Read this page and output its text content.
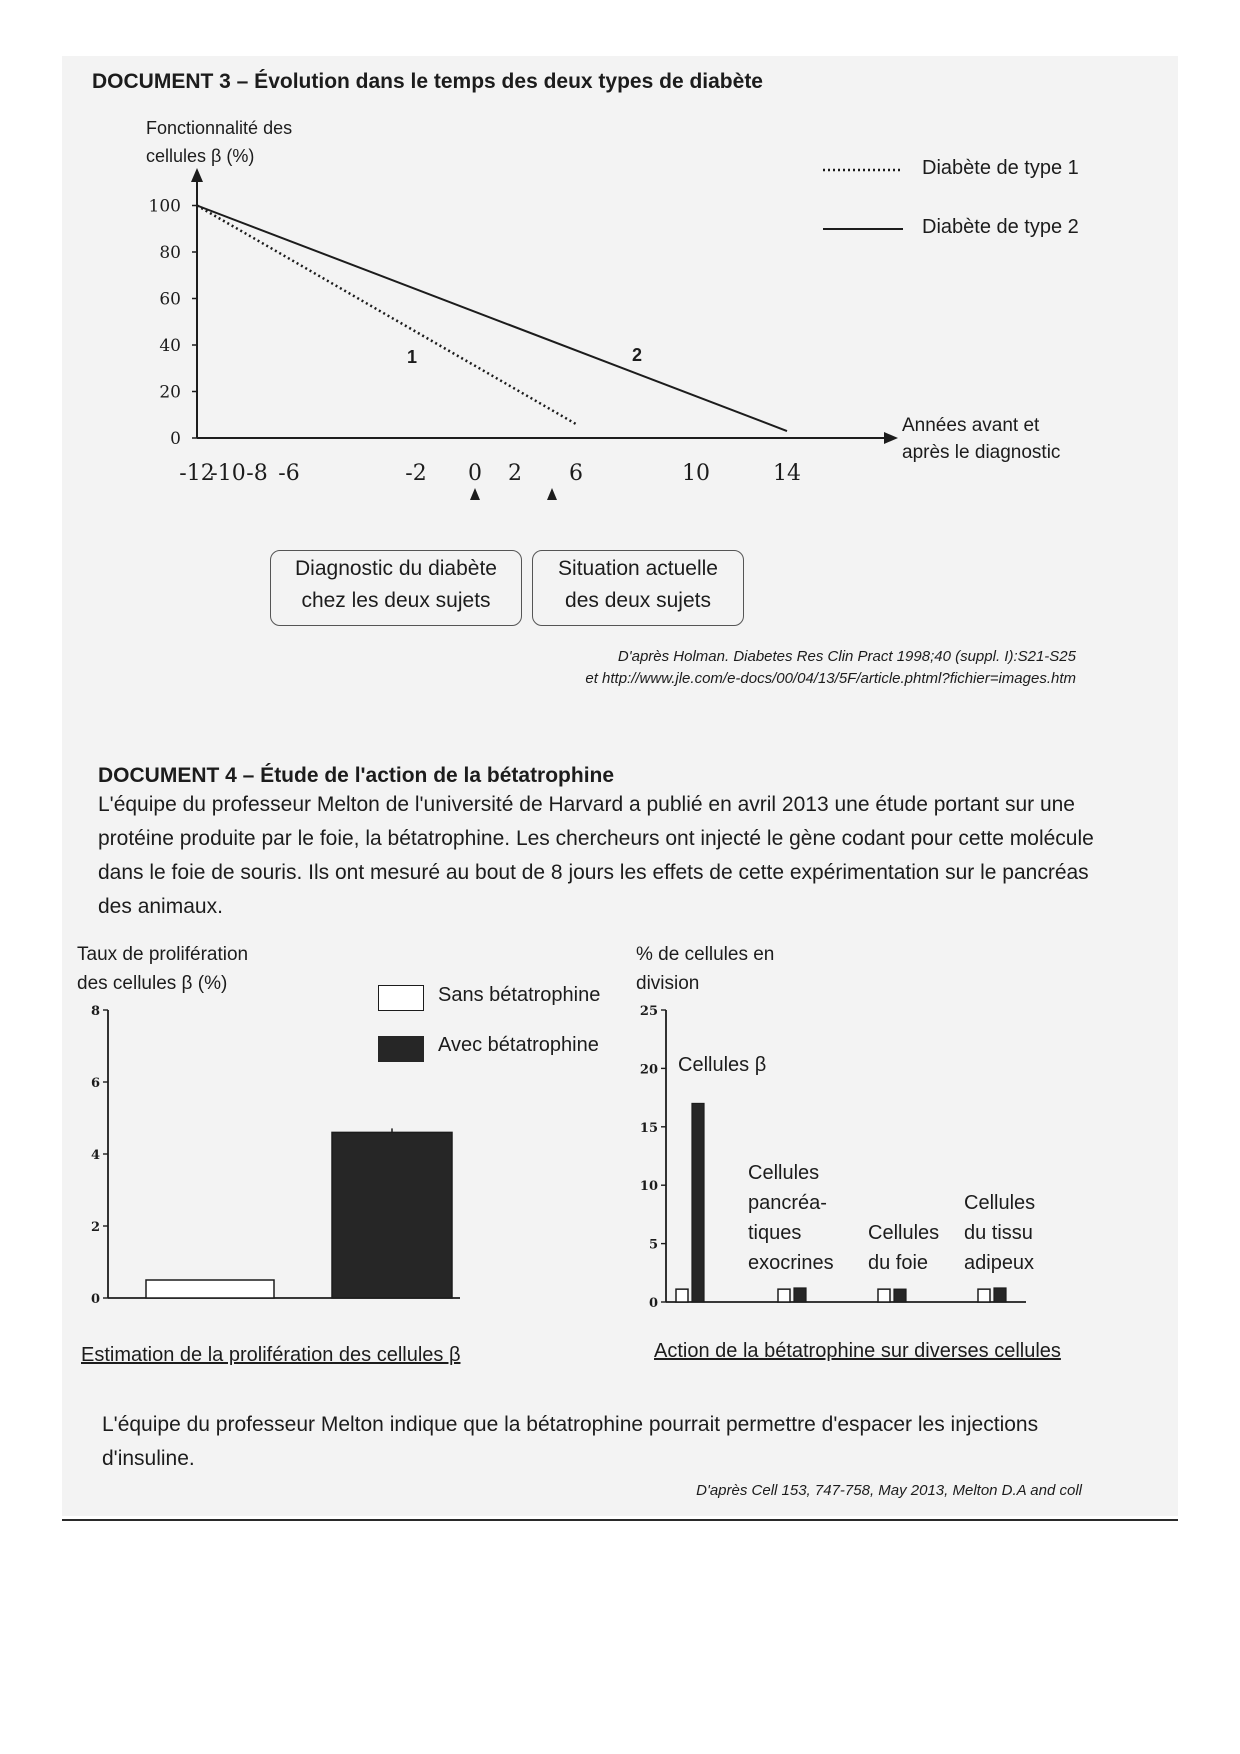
DOCUMENT 3 – Évolution dans le temps des deux types de diabète
Fonctionnalité des
cellules β (%)
0
20
40
60
80
100
-12
-10 -8 -6	-2 0 2 6	10	14
1	2
Diabète de type 1
Diabète de type 2
Années avant et
après le diagnostic
Diagnostic du diabète
chez les deux sujets
Situation actuelle
des deux sujets
D'après Holman. Diabetes Res Clin Pract 1998;40 (suppl. I):S21-S25
et http://www.jle.com/e-docs/00/04/13/5F/article.phtml?fichier=images.htm
DOCUMENT 4 – Étude de l'action de la bétatrophine
L'équipe du professeur Melton de l'université de Harvard a publié en avril 2013 une étude portant sur une protéine produite par le foie, la bétatrophine. Les chercheurs ont injecté le gène codant pour cette molécule dans le foie de souris. Ils ont mesuré au bout de 8 jours les effets de cette expérimentation sur le pancréas des animaux.
Taux de prolifération
des cellules β (%)
% de cellules en
division
Sans bétatrophine
Avec bétatrophine
0
2
4
6
8
0
5
10
15
20
25
Cellules β
Cellules
pancréa-
tiques
exocrines
Cellules
du foie
Cellules
du tissu
adipeux
Estimation de la prolifération des cellules β	Action de la bétatrophine sur diverses cellules
L'équipe du professeur Melton indique que la bétatrophine pourrait permettre d'espacer les injections d'insuline.
D'après Cell 153, 747-758, May 2013, Melton D.A and coll
